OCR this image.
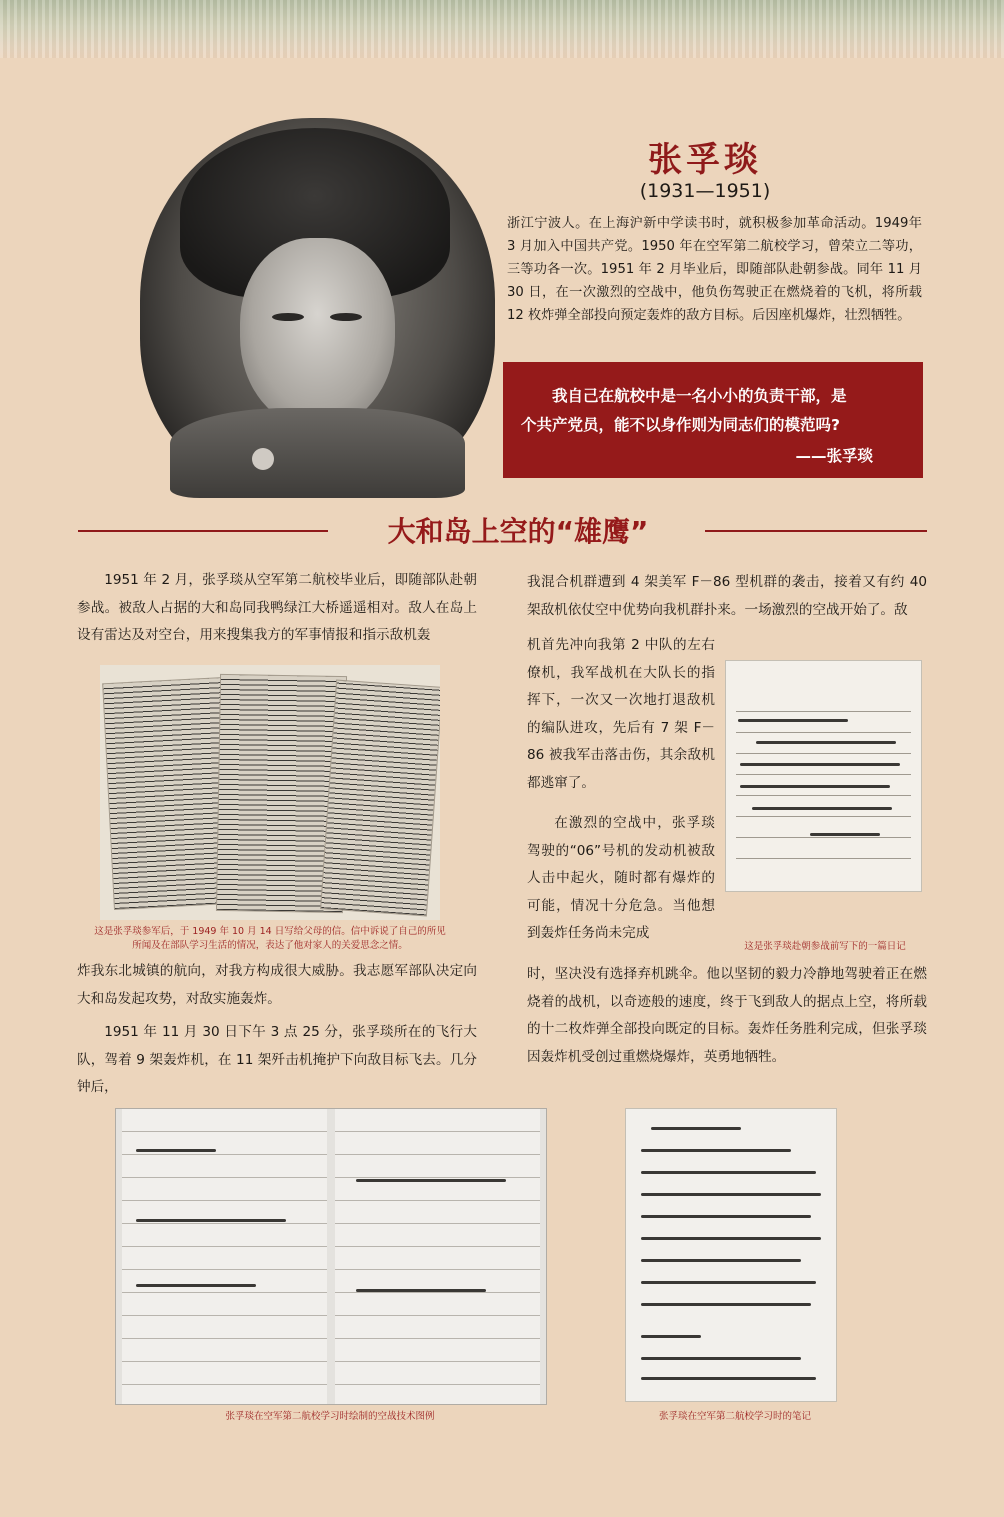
张孚琰
(1931—1951)
浙江宁波人。在上海沪新中学读书时，就积极参加革命活动。1949年 3 月加入中国共产党。1950 年在空军第二航校学习，曾荣立二等功，三等功各一次。1951 年 2 月毕业后，即随部队赴朝参战。同年 11 月 30 日，在一次激烈的空战中，他负伤驾驶正在燃烧着的飞机，将所载 12 枚炸弹全部投向预定轰炸的敌方目标。后因座机爆炸，壮烈牺牲。
我自己在航校中是一名小小的负责干部，是
个共产党员，能不以身作则为同志们的模范吗?
——张孚琰
大和岛上空的“雄鹰”
1951 年 2 月，张孚琰从空军第二航校毕业后，即随部队赴朝参战。被敌人占据的大和岛同我鸭绿江大桥遥遥相对。敌人在岛上设有雷达及对空台，用来搜集我方的军事情报和指示敌机轰
这是张孚琰参军后，于 1949 年 10 月 14 日写给父母的信。信中诉说了自己的所见所闻及在部队学习生活的情况，表达了他对家人的关爱思念之情。
炸我东北城镇的航向，对我方构成很大威胁。我志愿军部队决定向大和岛发起攻势，对敌实施轰炸。
1951 年 11 月 30 日下午 3 点 25 分，张孚琰所在的飞行大队，驾着 9 架轰炸机，在 11 架歼击机掩护下向敌目标飞去。几分钟后，
我混合机群遭到 4 架美军 F－86 型机群的袭击，接着又有约 40 架敌机依仗空中优势向我机群扑来。一场激烈的空战开始了。敌
机首先冲向我第 2 中队的左右僚机，我军战机在大队长的指挥下，一次又一次地打退敌机的编队进攻，先后有 7 架 F－86 被我军击落击伤，其余敌机都逃窜了。
在激烈的空战中，张孚琰驾驶的“06”号机的发动机被敌人击中起火，随时都有爆炸的可能，情况十分危急。当他想到轰炸任务尚未完成
这是张孚琰赴朝参战前写下的一篇日记
时，坚决没有选择弃机跳伞。他以坚韧的毅力冷静地驾驶着正在燃烧着的战机，以奇迹般的速度，终于飞到敌人的据点上空，将所载的十二枚炸弹全部投向既定的目标。轰炸任务胜利完成，但张孚琰因轰炸机受创过重燃烧爆炸，英勇地牺牲。
张孚琰在空军第二航校学习时绘制的空战技术图例	张孚琰在空军第二航校学习时的笔记
